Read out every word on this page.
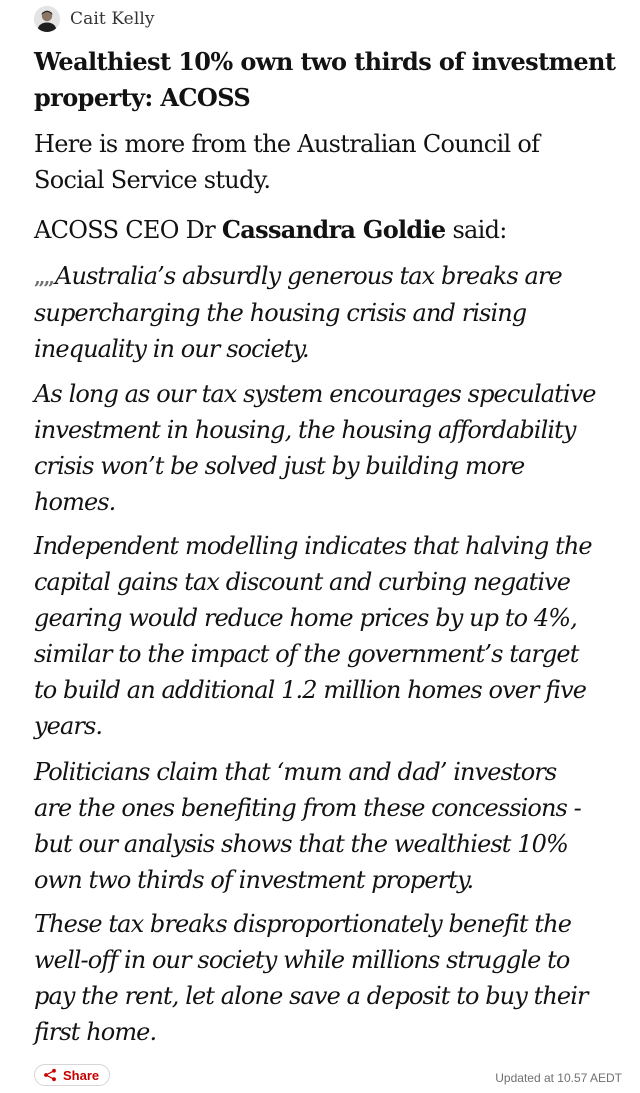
Cait Kelly
Wealthiest 10% own two thirds of investment
property: ACOSS

Here is more from the Australian Council of
Social Service study.

ACOSS CEO Dr Cassandra Goldie said:

„„Australia’s absurdly generous tax breaks are
supercharging the housing crisis and rising
inequality in our society.
As long as our tax system encourages speculative
investment in housing, the housing affordability
crisis won’t be solved just by building more
homes.
Independent modelling indicates that halving the
capital gains tax discount and curbing negative
gearing would reduce home prices by up to 4%,
similar to the impact of the government’s target
to build an additional 1.2 million homes over five
years.
Politicians claim that ‘mum and dad’ investors
are the ones benefiting from these concessions -
but our analysis shows that the wealthiest 10%
own two thirds of investment property.
These tax breaks disproportionately benefit the
well-off in our society while millions struggle to
pay the rent, let alone save a deposit to buy their
first home.
Share	Updated at 10.57 AEDT
